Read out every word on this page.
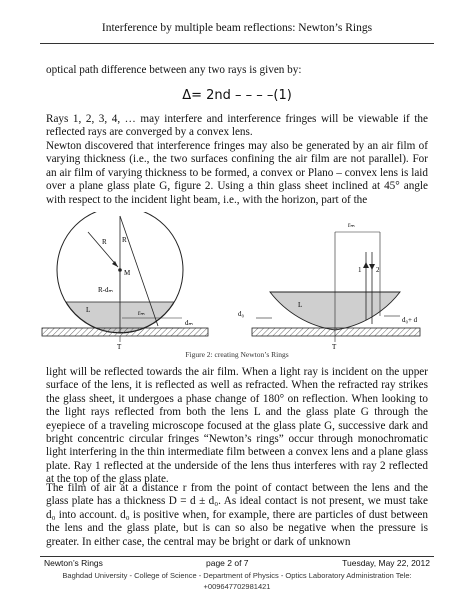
Interference by multiple beam reflections: Newton’s Rings
optical path difference between any two rays is given by:
Δ= 2nd – – – –(1)
Rays 1, 2, 3, 4, … may interfere and interference fringes will be viewable if the reflected rays are converged by a convex lens.
Newton discovered that interference fringes may also be generated by an air film of varying thickness (i.e., the two surfaces confining the air film are not parallel). For an air film of varying thickness to be formed, a convex or Plano – convex lens is laid over a plane glass plate G, figure 2. Using a thin glass sheet inclined at 45° angle with respect to the incident light beam, i.e., with the horizon, part of the
R R
M
R-dₘ
L	rₘ
dₘ
T
rₘ
1 2
L
d₀
d₀+ d
T
Figure 2: creating Newton’s Rings
light will be reflected towards the air film. When a light ray is incident on the upper surface of the lens, it is reflected as well as refracted. When the refracted ray strikes the glass sheet, it undergoes a phase change of 180° on reflection. When looking to the light rays reflected from both the lens L and the glass plate G through the eyepiece of a traveling microscope focused at the glass plate G, successive dark and bright concentric circular fringes “Newton’s rings” occur through monochromatic light interfering in the thin intermediate film between a convex lens and a plane glass plate. Ray 1 reflected at the underside of the lens thus interferes with ray 2 reflected at the top of the glass plate.
The film of air at a distance r from the point of contact between the lens and the glass plate has a thickness D = d ± d₀. As ideal contact is not present, we must take d₀ into account. d₀ is positive when, for example, there are particles of dust between the lens and the glass plate, but is can so also be negative when the pressure is greater. In either case, the central may be bright or dark of unknown
Newton’s Rings	page 2 of 7	Tuesday, May 22, 2012
Baghdad University - College of Science - Department of Physics - Optics Laboratory Administration Tele:
+009647702981421
